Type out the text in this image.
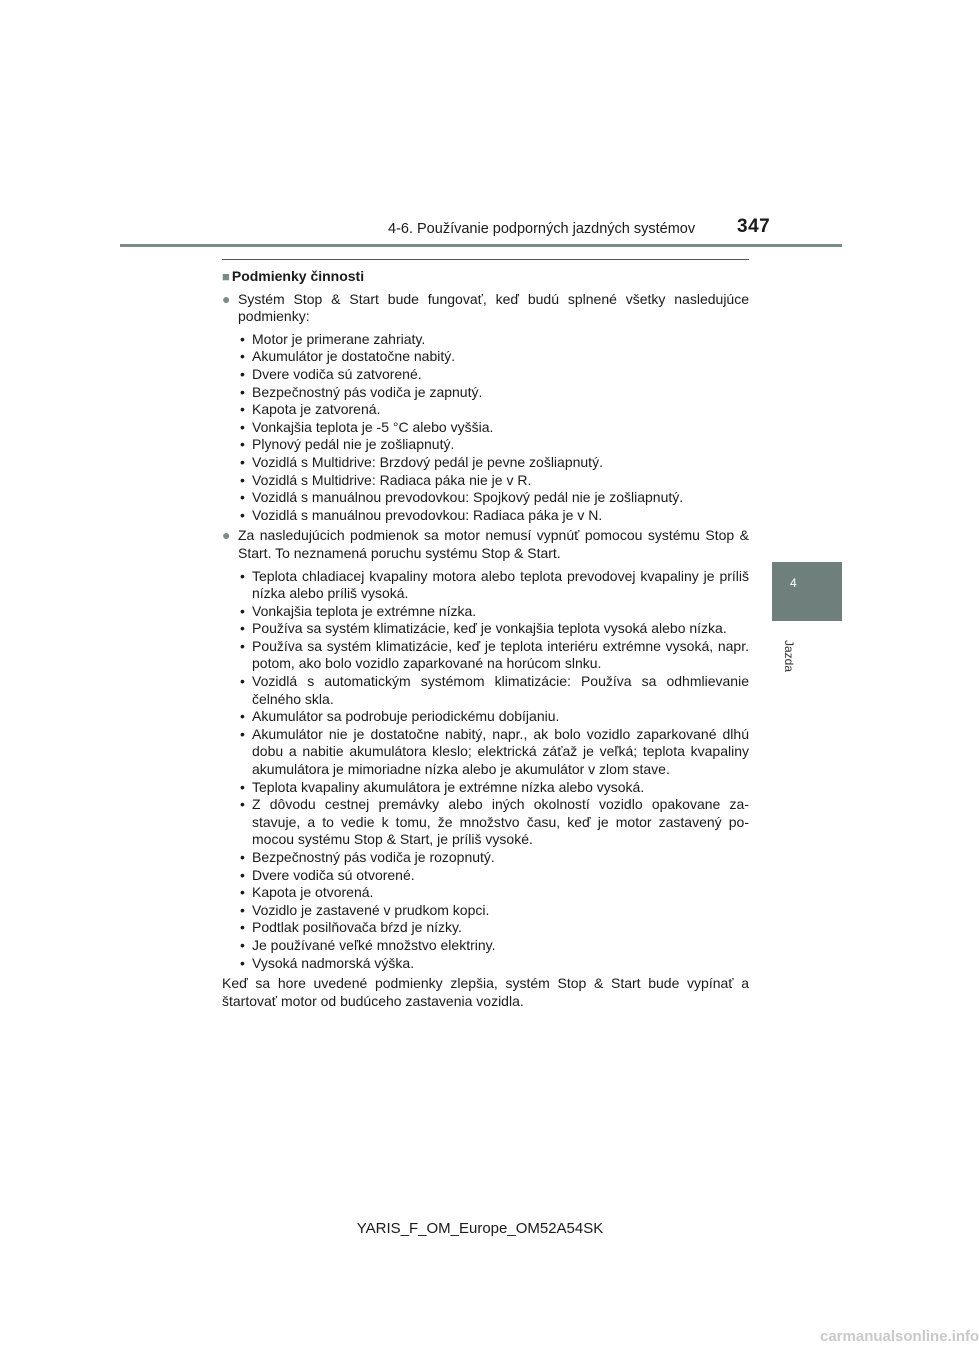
4-6. Používanie podporných jazdných systémov 347
4
Jazda
■ Podmienky činnosti
● Systém Stop & Start bude fungovať, keď budú splnené všetky nasledujúce podmienky:
• Motor je primerane zahriaty.
• Akumulátor je dostatočne nabitý.
• Dvere vodiča sú zatvorené.
• Bezpečnostný pás vodiča je zapnutý.
• Kapota je zatvorená.
• Vonkajšia teplota je -5 °C alebo vyššia.
• Plynový pedál nie je zošliapnutý.
• Vozidlá s Multidrive: Brzdový pedál je pevne zošliapnutý.
• Vozidlá s Multidrive: Radiaca páka nie je v R.
• Vozidlá s manuálnou prevodovkou: Spojkový pedál nie je zošliapnutý.
• Vozidlá s manuálnou prevodovkou: Radiaca páka je v N.
● Za nasledujúcich podmienok sa motor nemusí vypnúť pomocou systému Stop & Start. To neznamená poruchu systému Stop & Start.
• Teplota chladiacej kvapaliny motora alebo teplota prevodovej kvapaliny je príliš nízka alebo príliš vysoká.
• Vonkajšia teplota je extrémne nízka.
• Používa sa systém klimatizácie, keď je vonkajšia teplota vysoká alebo nízka.
• Používa sa systém klimatizácie, keď je teplota interiéru extrémne vysoká, napr. potom, ako bolo vozidlo zaparkované na horúcom slnku.
• Vozidlá s automatickým systémom klimatizácie: Používa sa odhmlievanie čelného skla.
• Akumulátor sa podrobuje periodickému dobíjaniu.
• Akumulátor nie je dostatočne nabitý, napr., ak bolo vozidlo zaparkované dlhú dobu a nabitie akumulátora kleslo; elektrická záťaž je veľká; teplota kvapaliny akumulátora je mimoriadne nízka alebo je akumulátor v zlom stave.
• Teplota kvapaliny akumulátora je extrémne nízka alebo vysoká.
• Z dôvodu cestnej premávky alebo iných okolností vozidlo opakovane za- stavuje, a to vedie k tomu, že množstvo času, keď je motor zastavený po- mocou systému Stop & Start, je príliš vysoké.
• Bezpečnostný pás vodiča je rozopnutý.
• Dvere vodiča sú otvorené.
• Kapota je otvorená.
• Vozidlo je zastavené v prudkom kopci.
• Podtlak posilňovača bŕzd je nízky.
• Je používané veľké množstvo elektriny.
• Vysoká nadmorská výška.
Keď sa hore uvedené podmienky zlepšia, systém Stop & Start bude vypínať a štartovať motor od budúceho zastavenia vozidla.
YARIS_F_OM_Europe_OM52A54SK
carmanualsonline.info
